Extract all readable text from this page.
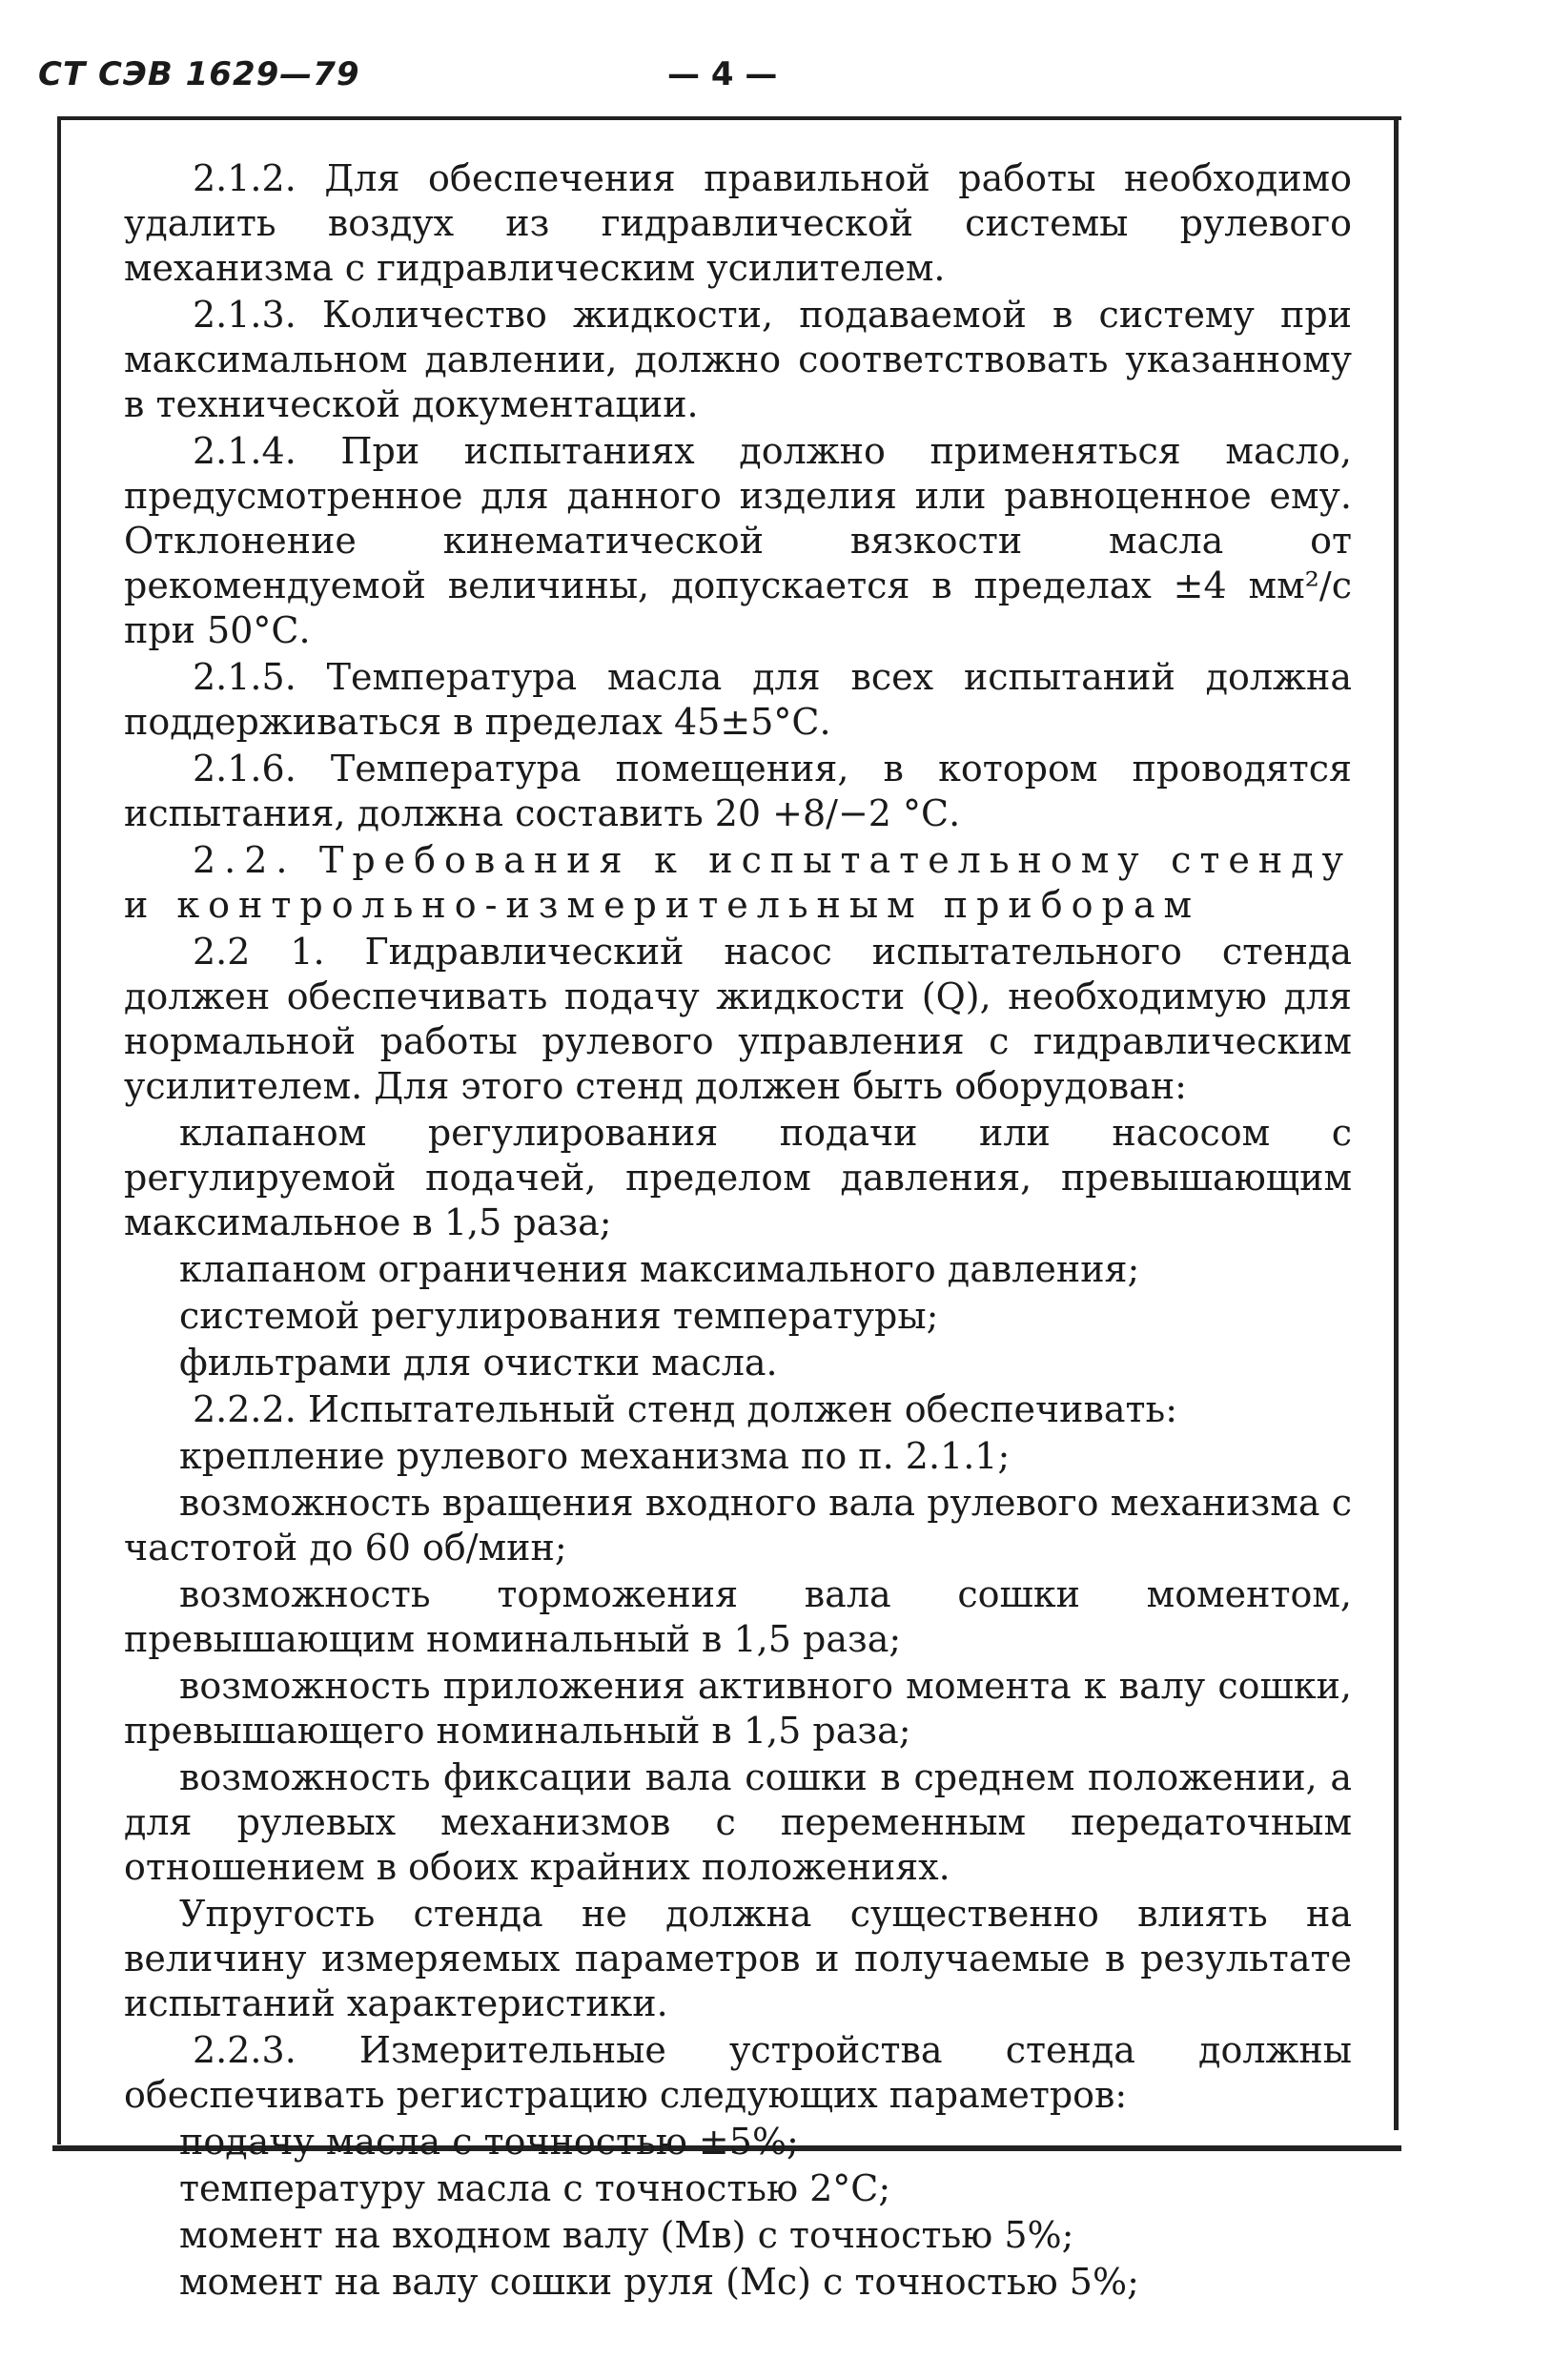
СТ СЭВ 1629—79	— 4 —

2.1.2. Для обеспечения правильной работы необходимо удалить воздух из гидравлической системы рулевого механизма с гидравлическим усилителем.

2.1.3. Количество жидкости, подаваемой в систему при максимальном давлении, должно соответствовать указанному в технической документации.

2.1.4. При испытаниях должно применяться масло, предусмотренное для данного изделия или равноценное ему. Отклонение кинематической вязкости масла от рекомендуемой величины, допускается в пределах ±4 мм²/с при 50°С.

2.1.5. Температура масла для всех испытаний должна поддерживаться в пределах 45±5°С.

2.1.6. Температура помещения, в котором проводятся испытания, должна составить 20 +8/−2 °С.

2.2. Требования к испытательному стенду и контрольно-измерительным приборам

2.2 1. Гидравлический насос испытательного стенда должен обеспечивать подачу жидкости (Q), необходимую для нормальной работы рулевого управления с гидравлическим усилителем. Для этого стенд должен быть оборудован:

клапаном регулирования подачи или насосом с регулируемой подачей, пределом давления, превышающим максимальное в 1,5 раза;

клапаном ограничения максимального давления;

системой регулирования температуры;

фильтрами для очистки масла.

2.2.2. Испытательный стенд должен обеспечивать:

крепление рулевого механизма по п. 2.1.1;

возможность вращения входного вала рулевого механизма с частотой до 60 об/мин;

возможность торможения вала сошки моментом, превышающим номинальный в 1,5 раза;

возможность приложения активного момента к валу сошки, превышающего номинальный в 1,5 раза;

возможность фиксации вала сошки в среднем положении, а для рулевых механизмов с переменным передаточным отношением в обоих крайних положениях.

Упругость стенда не должна существенно влиять на величину измеряемых параметров и получаемые в результате испытаний характеристики.

2.2.3. Измерительные устройства стенда должны обеспечивать регистрацию следующих параметров:

подачу масла с точностью ±5%;

температуру масла с точностью 2°С;

момент на входном валу (Мв) с точностью 5%;

момент на валу сошки руля (Мс) с точностью 5%;
